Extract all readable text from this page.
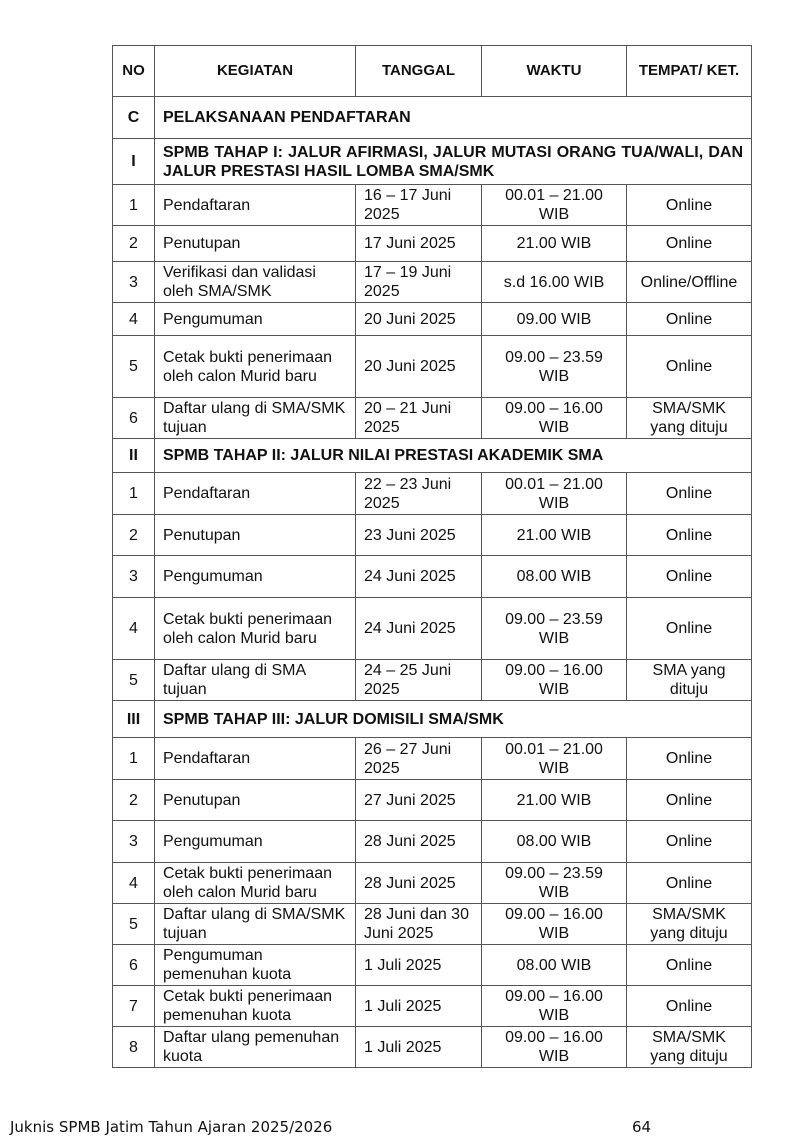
NO	KEGIATAN	TANGGAL	WAKTU	TEMPAT/ KET.
C	PELAKSANAAN PENDAFTARAN			
I	SPMB TAHAP I: JALUR AFIRMASI, JALUR MUTASI ORANG TUA/WALI, DAN JALUR PRESTASI HASIL LOMBA SMA/SMK			
1	Pendaftaran	16 – 17 Juni 2025	00.01 – 21.00 WIB	Online
2	Penutupan	17 Juni 2025	21.00 WIB	Online
3	Verifikasi dan validasi oleh SMA/SMK	17 – 19 Juni 2025	s.d 16.00 WIB	Online/Offline
4	Pengumuman	20 Juni 2025	09.00 WIB	Online
5	Cetak bukti penerimaan oleh calon Murid baru	20 Juni 2025	09.00 – 23.59 WIB	Online
6	Daftar ulang di SMA/SMK tujuan	20 – 21 Juni 2025	09.00 – 16.00 WIB	SMA/SMK yang dituju
II	SPMB TAHAP II: JALUR NILAI PRESTASI AKADEMIK SMA			
1	Pendaftaran	22 – 23 Juni 2025	00.01 – 21.00 WIB	Online
2	Penutupan	23 Juni 2025	21.00 WIB	Online
3	Pengumuman	24 Juni 2025	08.00 WIB	Online
4	Cetak bukti penerimaan oleh calon Murid baru	24 Juni 2025	09.00 – 23.59 WIB	Online
5	Daftar ulang di SMA tujuan	24 – 25 Juni 2025	09.00 – 16.00 WIB	SMA yang dituju
III	SPMB TAHAP III: JALUR DOMISILI SMA/SMK			
1	Pendaftaran	26 – 27 Juni 2025	00.01 – 21.00 WIB	Online
2	Penutupan	27 Juni 2025	21.00 WIB	Online
3	Pengumuman	28 Juni 2025	08.00 WIB	Online
4	Cetak bukti penerimaan oleh calon Murid baru	28 Juni 2025	09.00 – 23.59 WIB	Online
5	Daftar ulang di SMA/SMK tujuan	28 Juni dan 30 Juni 2025	09.00 – 16.00 WIB	SMA/SMK yang dituju
6	Pengumuman pemenuhan kuota	1 Juli 2025	08.00 WIB	Online
7	Cetak bukti penerimaan pemenuhan kuota	1 Juli 2025	09.00 – 16.00 WIB	Online
8	Daftar ulang pemenuhan kuota	1 Juli 2025	09.00 – 16.00 WIB	SMA/SMK yang dituju
Juknis SPMB Jatim Tahun Ajaran 2025/2026	64
